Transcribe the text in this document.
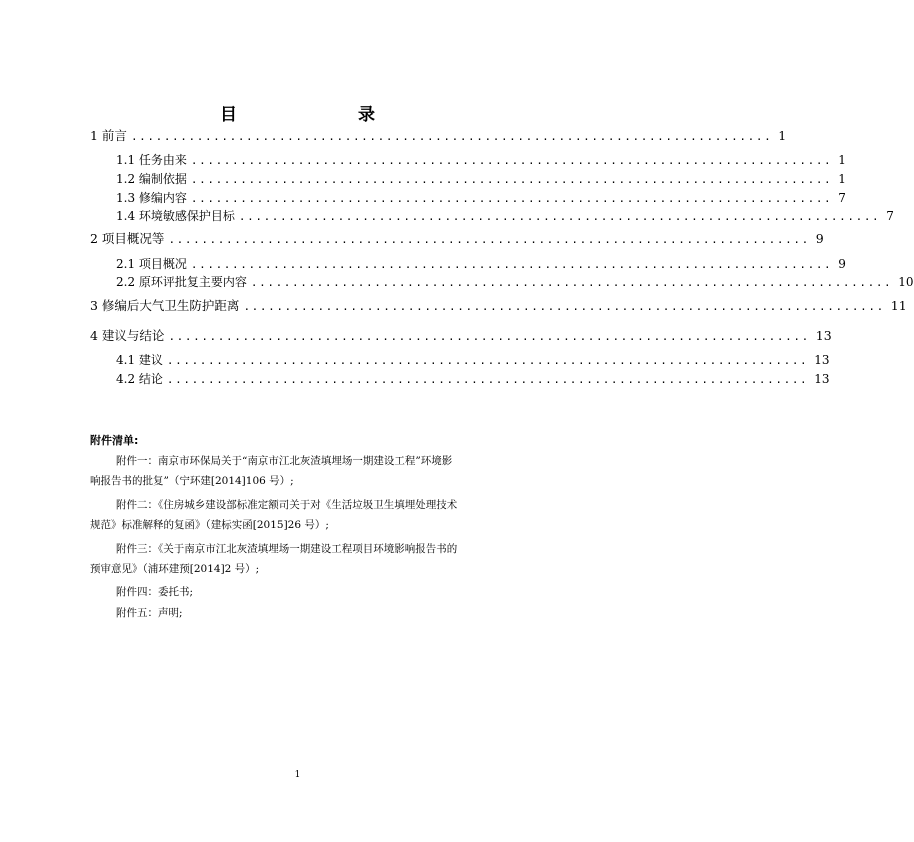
目　录
1 前言 .............................................................................. 1
1.1 任务由来 .............................................................................. 1
1.2 编制依据 .............................................................................. 1
1.3 修编内容 .............................................................................. 7
1.4 环境敏感保护目标 .............................................................................. 7
2 项目概况等 .............................................................................. 9
2.1 项目概况 .............................................................................. 9
2.2 原环评批复主要内容 .............................................................................. 10
3 修编后大气卫生防护距离 .............................................................................. 11
4 建议与结论 .............................................................................. 13
4.1 建议 .............................................................................. 13
4.2 结论 .............................................................................. 13
附件清单:
附件一：南京市环保局关于“南京市江北灰渣填埋场一期建设工程”环境影
响报告书的批复”（宁环建[2014]106 号）;
附件二：《住房城乡建设部标准定额司关于对《生活垃圾卫生填埋处理技术
规范》标准解释的复函》（建标实函[2015]26 号）;
附件三：《关于南京市江北灰渣填埋场一期建设工程项目环境影响报告书的
预审意见》（浦环建预[2014]2 号）;
附件四：委托书;
附件五：声明;
1
